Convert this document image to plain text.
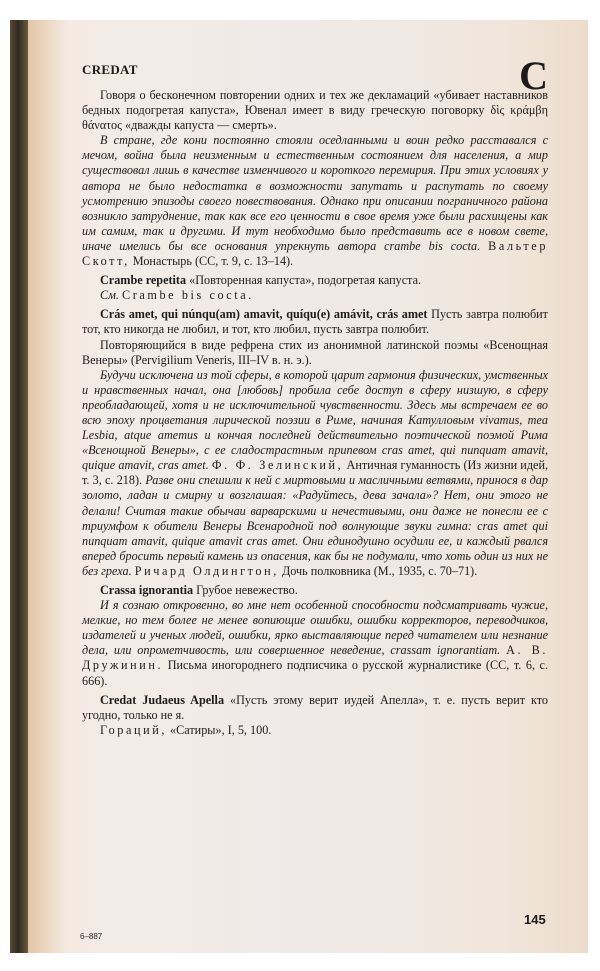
CREDAT	C

Говоря о бесконечном повторении одних и тех же декламаций «убивает наставников бедных подогретая капуста», Ювенал имеет в виду греческую поговорку δὶς κράμβη θάνατος «дважды капуста — смерть».

В стране, где кони постоянно стояли оседланными и воин редко расставался с мечом, война была неизменным и естественным состоянием для населения, а мир существовал лишь в качестве изменчивого и короткого перемирия. При этих условиях у автора не было недостатка в возможности запутать и распутать по своему усмотрению эпизоды своего повествования. Однако при описании пограничного района возникло затруднение, так как все его ценности в свое время уже были расхищены как им самим, так и другими. И тут необходимо было представить все в новом свете, иначе имелись бы все основания упрекнуть автора crambe bis cocta. Вальтер Скотт, Монастырь (СС, т. 9, с. 13–14).

Crambe repetita «Повторенная капуста», подогретая капуста.

См. Crambe bis cocta.

Crás amet, qui núnqu(am) amavit, quíqu(e) amávit, crás amet Пусть завтра полюбит тот, кто никогда не любил, и тот, кто любил, пусть завтра полюбит.

Повторяющийся в виде рефрена стих из анонимной латинской поэмы «Всенощная Венеры» (Pervigilium Veneris, III–IV в. н. э.).

Будучи исключена из той сферы, в которой царит гармония физических, умственных и нравственных начал, она [любовь] пробила себе доступ в сферу низшую, в сферу преобладающей, хотя и не исключительной чувственности. Здесь мы встречаем ее во всю эпоху процветания лирической поэзии в Риме, начиная Катулловым vivamus, mea Lesbia, atque amemus и кончая последней действительно поэтической поэмой Рима «Всенощной Венеры», с ее сладострастным припевом cras amet, qui nunquam amavit, quique amavit, cras amet. Ф. Ф. Зелинский, Античная гуманность (Из жизни идей, т. 3, с. 218). Разве они спешили к ней с миртовыми и масличными ветвями, принося в дар золото, ладан и смирну и возглашая: «Радуйтесь, дева зачала»? Нет, они этого не делали! Считая такие обычаи варварскими и нечестивыми, они даже не понесли ее с триумфом к обители Венеры Всенародной под волнующие звуки гимна: cras amet qui nunquam amavit, quique amavit cras amet. Они единодушно осудили ее, и каждый рвался вперед бросить первый камень из опасения, как бы не подумали, что хоть один из них не без греха. Ричард Олдингтон, Дочь полковника (М., 1935, с. 70–71).

Crassa ignorantia Грубое невежество.

И я сознаю откровенно, во мне нет особенной способности подсматривать чужие, мелкие, но тем более не менее вопиющие ошибки, ошибки корректоров, переводчиков, издателей и ученых людей, ошибки, ярко выставляющие перед читателем или незнание дела, или опрометчивость, или совершенное неведение, crassam ignorantiam. А. В. Дружинин. Письма иногороднего подписчика о русской журналистике (СС, т. 6, с. 666).

Credat Judaeus Apella «Пусть этому верит иудей Апелла», т. е. пусть верит кто угодно, только не я.

Гораций, «Сатиры», I, 5, 100.

145
6–887
